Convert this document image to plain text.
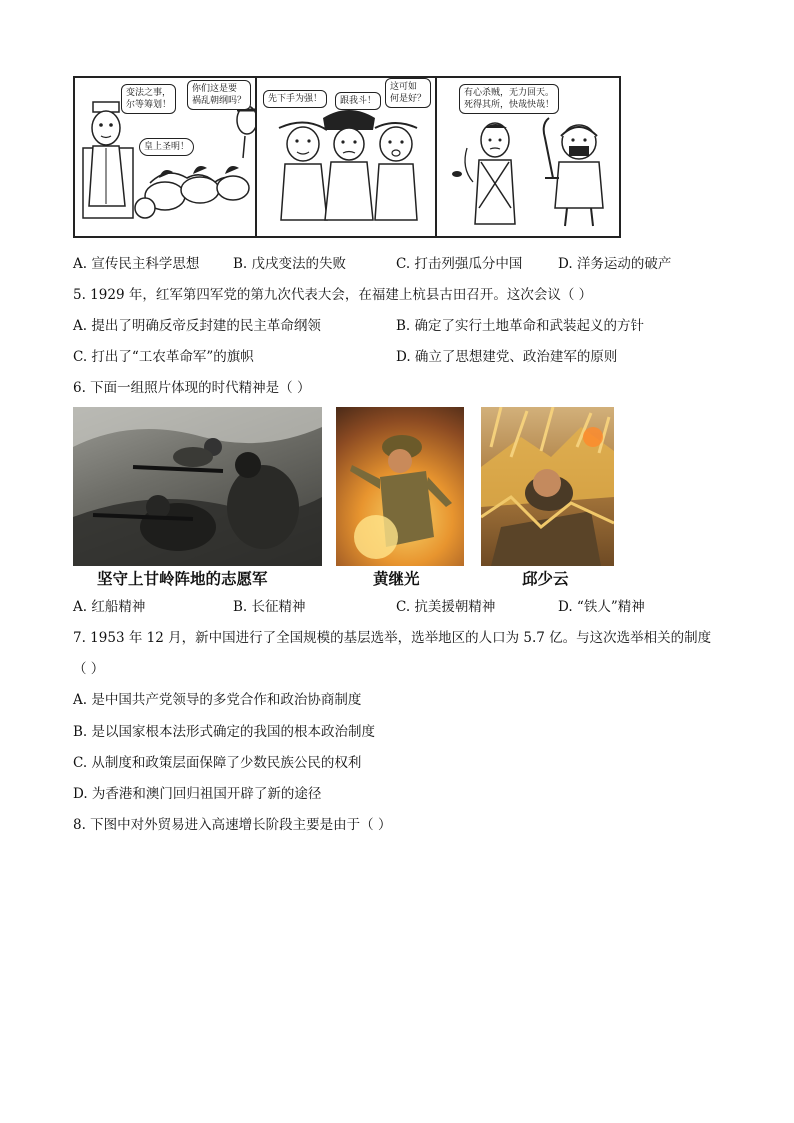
变法之事，
尔等筹划！
你们这是要
祸乱朝纲吗？
皇上圣明！
先下手为强！	跟我斗！
这可如
何是好？
有心杀贼，无力回天。
死得其所，快哉快哉！
A. 宣传民主科学思想 B. 戊戌变法的失败	C. 打击列强瓜分中国	D. 洋务运动的破产
5. 1929 年，红军第四军党的第九次代表大会，在福建上杭县古田召开。这次会议（ ）
A. 提出了明确反帝反封建的民主革命纲领	B. 确定了实行土地革命和武装起义的方针
C. 打出了“工农革命军”的旗帜	D. 确立了思想建党、政治建军的原则
6. 下面一组照片体现的时代精神是（ ）
坚守上甘岭阵地的志愿军	黄继光	邱少云
A. 红船精神	B. 长征精神	C. 抗美援朝精神	D. “铁人”精神
7. 1953 年 12 月，新中国进行了全国规模的基层选举，选举地区的人口为 5.7 亿。与这次选举相关的制度
（ ）
A. 是中国共产党领导的多党合作和政治协商制度
B. 是以国家根本法形式确定的我国的根本政治制度
C. 从制度和政策层面保障了少数民族公民的权利
D. 为香港和澳门回归祖国开辟了新的途径
8. 下图中对外贸易进入高速增长阶段主要是由于（ ）
